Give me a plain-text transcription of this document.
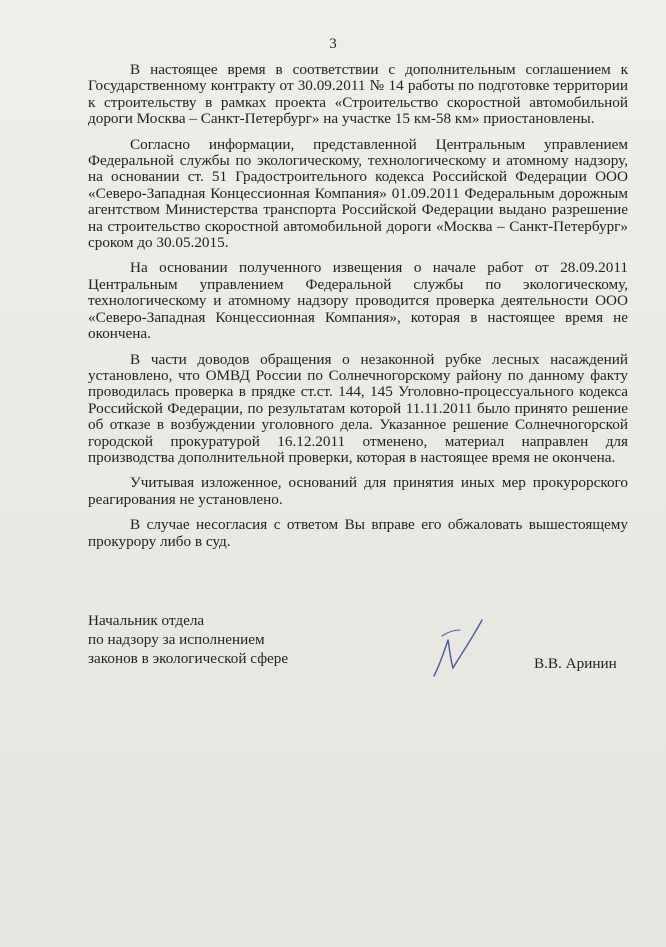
3

В настоящее время в соответствии с дополнительным соглашением к Государственному контракту от 30.09.2011 № 14 работы по подготовке территории к строительству в рамках проекта «Строительство скоростной автомобильной дороги Москва – Санкт-Петербург» на участке 15 км-58 км» приостановлены.

Согласно информации, представленной Центральным управлением Федеральной службы по экологическому, технологическому и атомному надзору, на основании ст. 51 Градостроительного кодекса Российской Федерации ООО «Северо-Западная Концессионная Компания» 01.09.2011 Федеральным дорожным агентством Министерства транспорта Российской Федерации выдано разрешение на строительство скоростной автомобильной дороги «Москва – Санкт-Петербург» сроком до 30.05.2015.

На основании полученного извещения о начале работ от 28.09.2011 Центральным управлением Федеральной службы по экологическому, технологическому и атомному надзору проводится проверка деятельности ООО «Северо-Западная Концессионная Компания», которая в настоящее время не окончена.

В части доводов обращения о незаконной рубке лесных насаждений установлено, что ОМВД России по Солнечногорскому району по данному факту проводилась проверка в прядке ст.ст. 144, 145 Уголовно-процессуального кодекса Российской Федерации, по результатам которой 11.11.2011 было принято решение об отказе в возбуждении уголовного дела. Указанное решение Солнечногорской городской прокуратурой 16.12.2011 отменено, материал направлен для производства дополнительной проверки, которая в настоящее время не окончена.

Учитывая изложенное, оснований для принятия иных мер прокурорского реагирования не установлено.

В случае несогласия с ответом Вы вправе его обжаловать вышестоящему прокурору либо в суд.

Начальник отдела
по надзору за исполнением
законов в экологической сфере	В.В. Аринин
